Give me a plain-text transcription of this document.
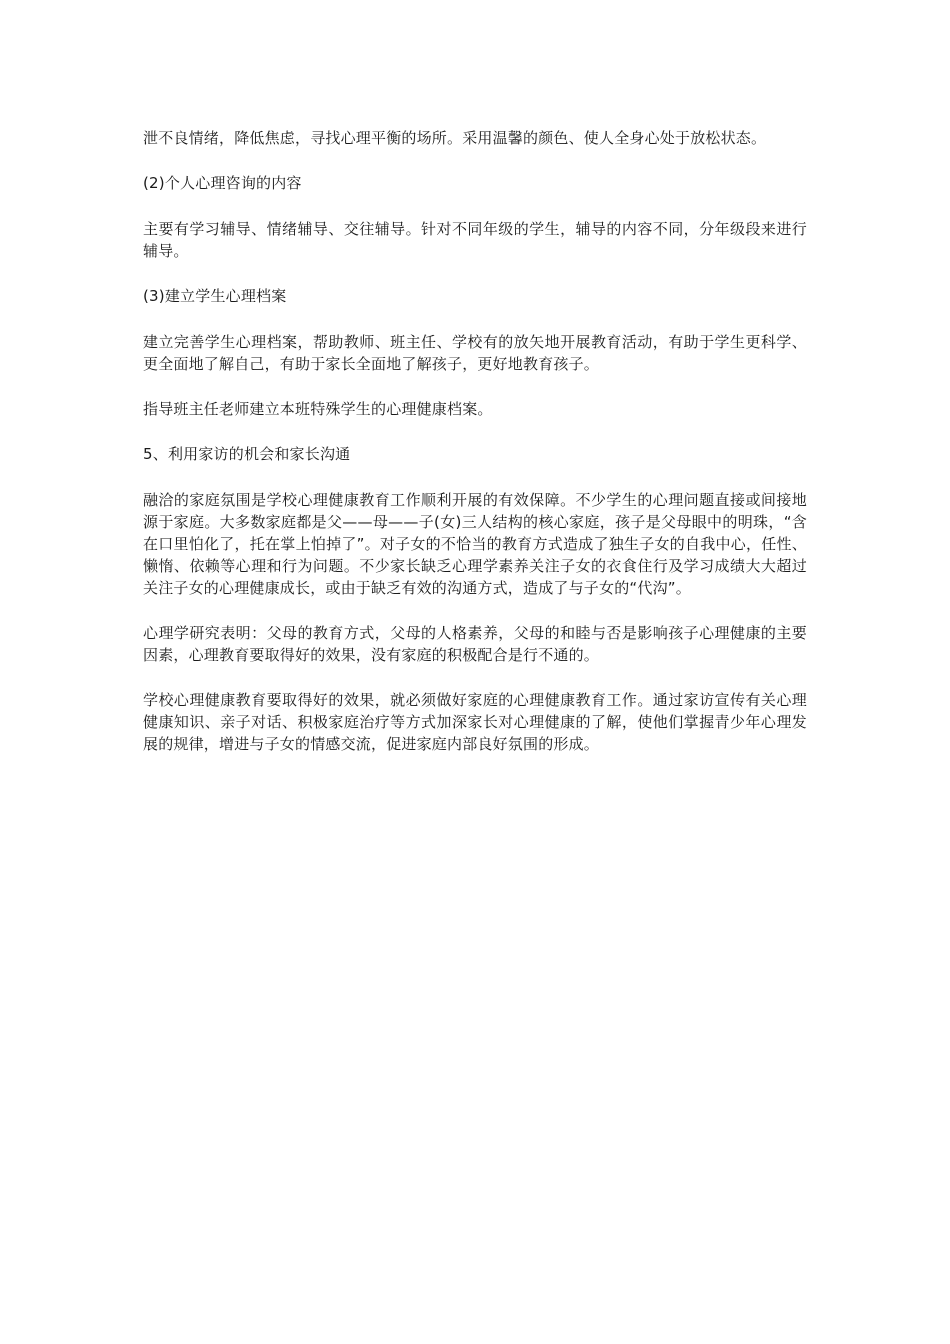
泄不良情绪，降低焦虑，寻找心理平衡的场所。采用温馨的颜色、使人全身心处于放松状态。

(2)个人心理咨询的内容

主要有学习辅导、情绪辅导、交往辅导。针对不同年级的学生，辅导的内容不同，分年级段来进行辅导。

(3)建立学生心理档案

建立完善学生心理档案，帮助教师、班主任、学校有的放矢地开展教育活动，有助于学生更科学、更全面地了解自己，有助于家长全面地了解孩子，更好地教育孩子。

指导班主任老师建立本班特殊学生的心理健康档案。

5、利用家访的机会和家长沟通

融洽的家庭氛围是学校心理健康教育工作顺利开展的有效保障。不少学生的心理问题直接或间接地源于家庭。大多数家庭都是父——母——子(女)三人结构的核心家庭，孩子是父母眼中的明珠，“含在口里怕化了，托在掌上怕掉了”。对子女的不恰当的教育方式造成了独生子女的自我中心，任性、懒惰、依赖等心理和行为问题。不少家长缺乏心理学素养关注子女的衣食住行及学习成绩大大超过关注子女的心理健康成长，或由于缺乏有效的沟通方式，造成了与子女的“代沟”。

心理学研究表明：父母的教育方式，父母的人格素养，父母的和睦与否是影响孩子心理健康的主要因素，心理教育要取得好的效果，没有家庭的积极配合是行不通的。

学校心理健康教育要取得好的效果，就必须做好家庭的心理健康教育工作。通过家访宣传有关心理健康知识、亲子对话、积极家庭治疗等方式加深家长对心理健康的了解，使他们掌握青少年心理发展的规律，增进与子女的情感交流，促进家庭内部良好氛围的形成。
